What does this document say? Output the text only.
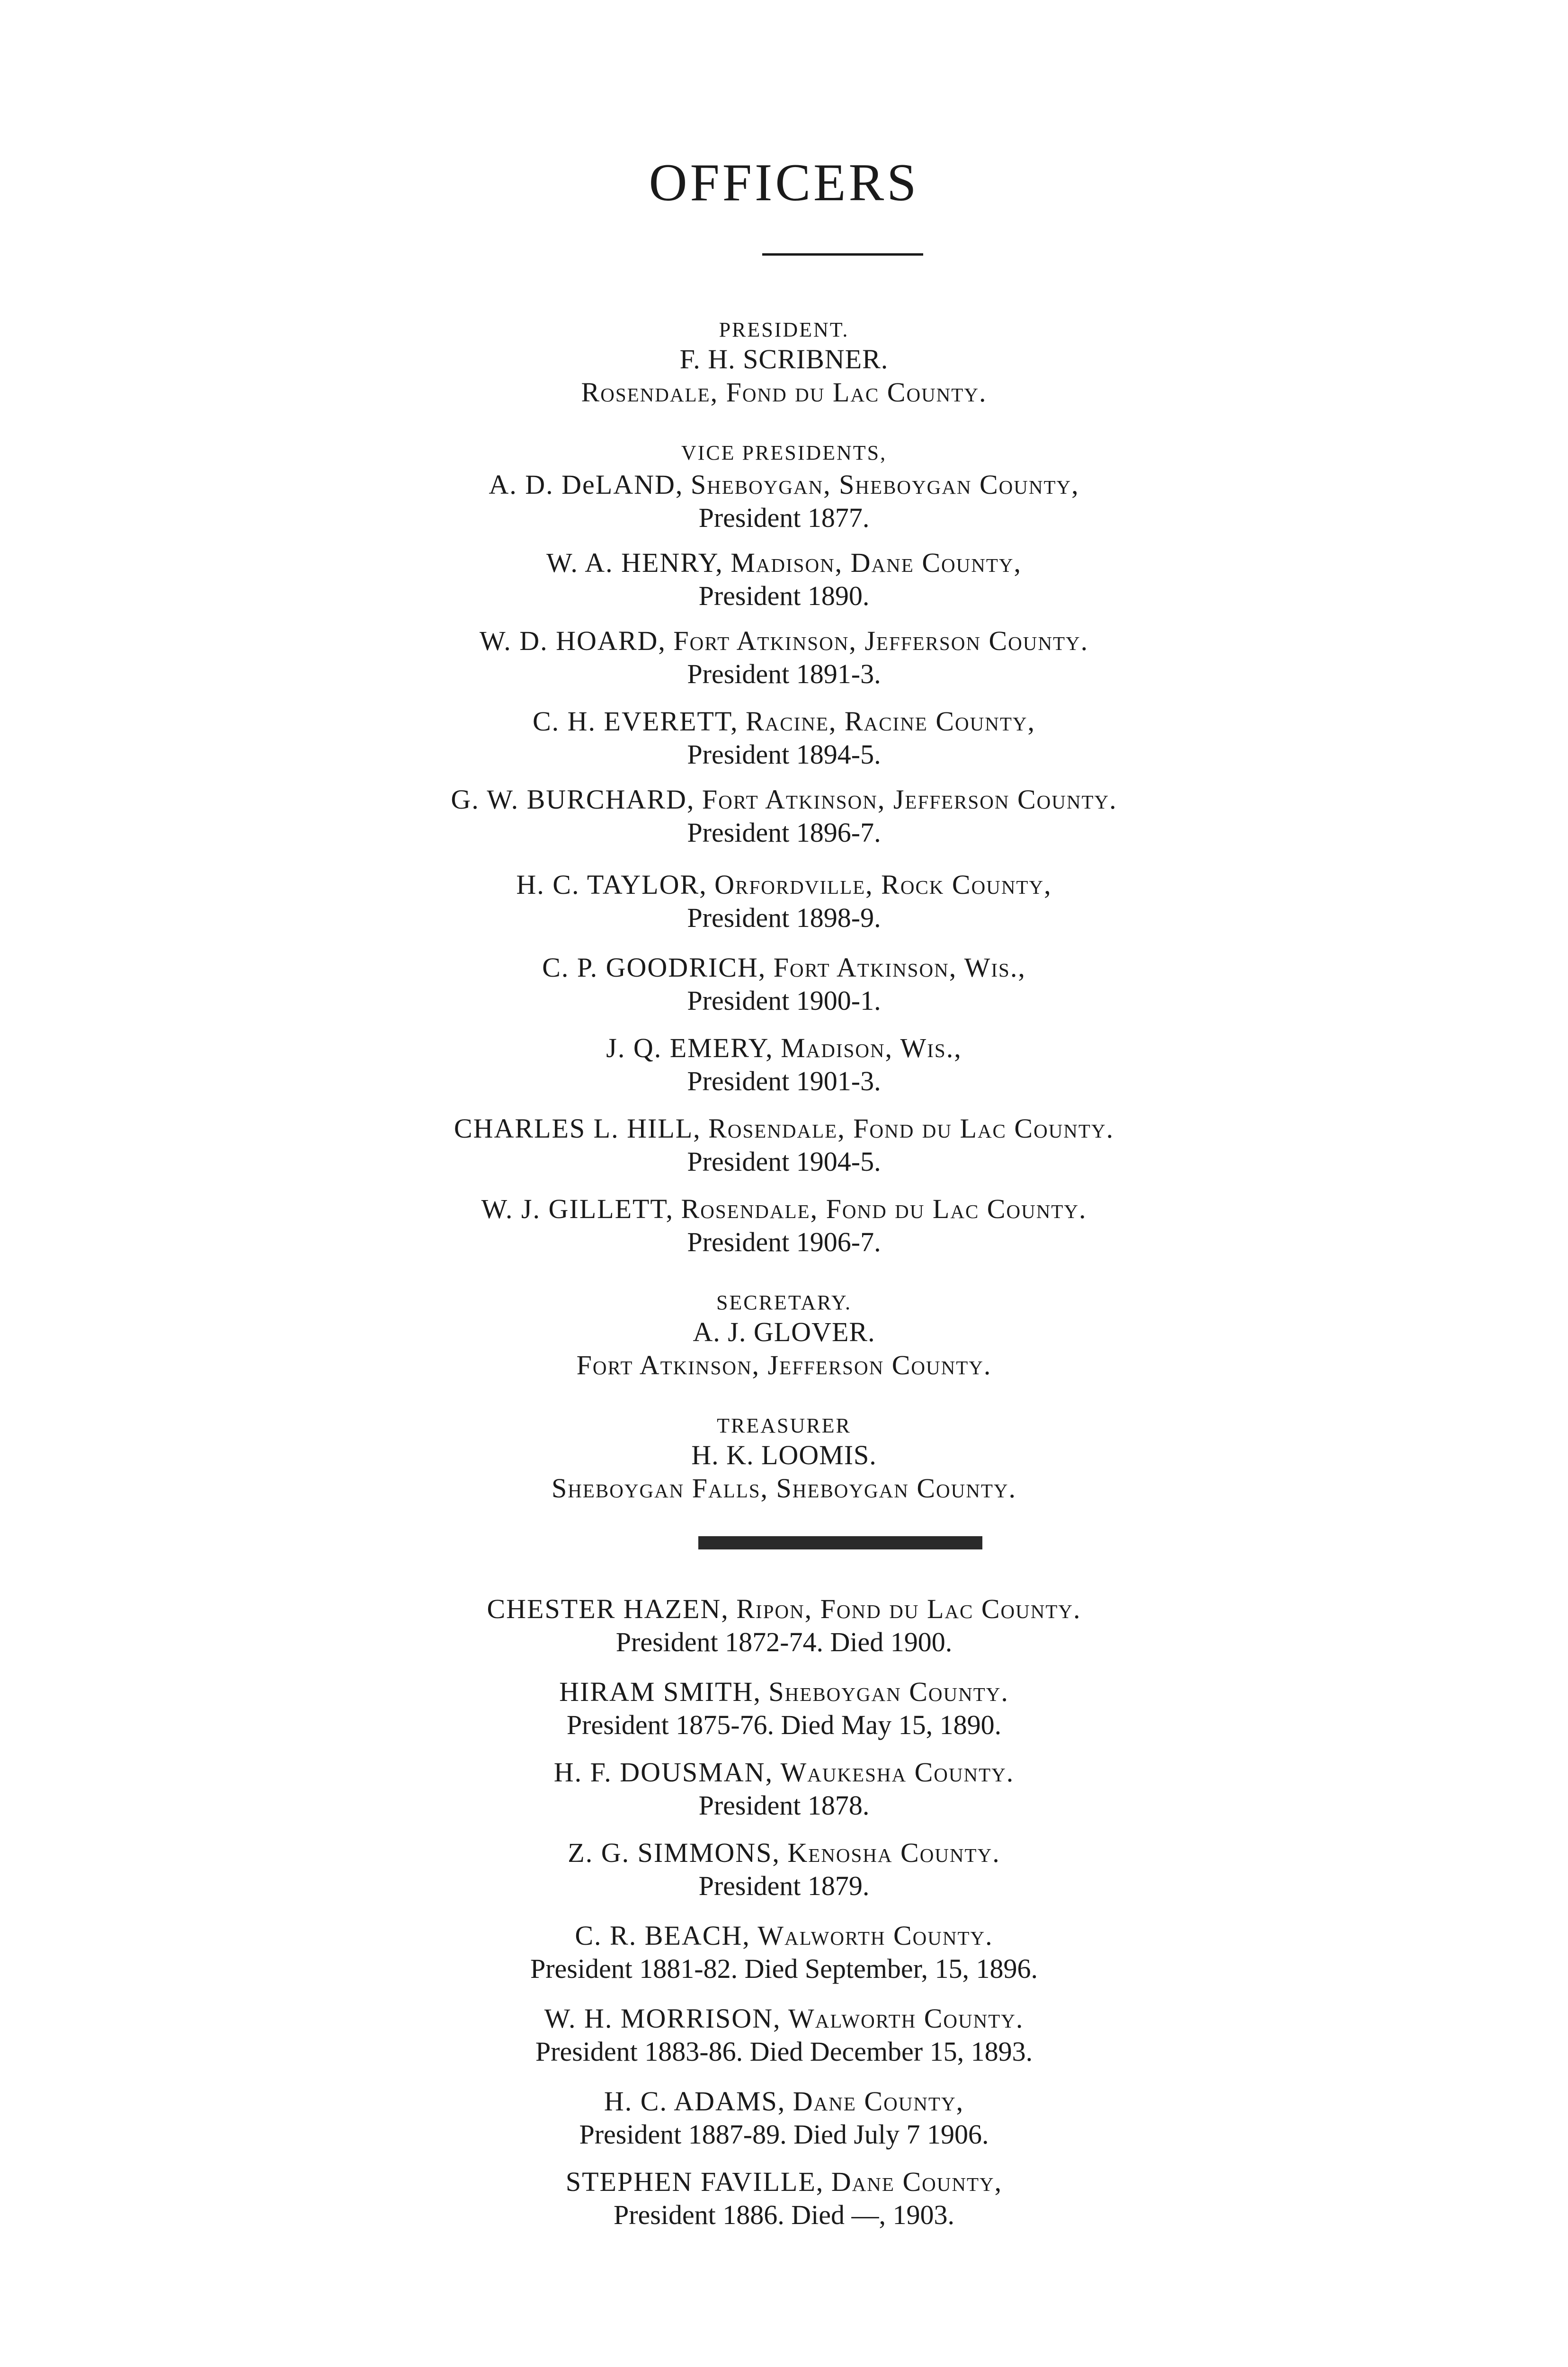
OFFICERS
PRESIDENT.
F. H. SCRIBNER.
Rosendale, Fond du Lac County.
VICE PRESIDENTS,
A. D. DeLAND, Sheboygan, Sheboygan County,
President 1877.
W. A. HENRY, Madison, Dane County,
President 1890.
W. D. HOARD, Fort Atkinson, Jefferson County.
President 1891-3.
C. H. EVERETT, Racine, Racine County,
President 1894-5.
G. W. BURCHARD, Fort Atkinson, Jefferson County.
President 1896-7.
H. C. TAYLOR, Orfordville, Rock County,
President 1898-9.
C. P. GOODRICH, Fort Atkinson, Wis.,
President 1900-1.
J. Q. EMERY, Madison, Wis.,
President 1901-3.
CHARLES L. HILL, Rosendale, Fond du Lac County.
President 1904-5.
W. J. GILLETT, Rosendale, Fond du Lac County.
President 1906-7.
SECRETARY.
A. J. GLOVER.
Fort Atkinson, Jefferson County.
TREASURER
H. K. LOOMIS.
Sheboygan Falls, Sheboygan County.
CHESTER HAZEN, Ripon, Fond du Lac County.
President 1872-74. Died 1900.
HIRAM SMITH, Sheboygan County.
President 1875-76. Died May 15, 1890.
H. F. DOUSMAN, Waukesha County.
President 1878.
Z. G. SIMMONS, Kenosha County.
President 1879.
C. R. BEACH, Walworth County.
President 1881-82. Died September, 15, 1896.
W. H. MORRISON, Walworth County.
President 1883-86. Died December 15, 1893.
H. C. ADAMS, Dane County,
President 1887-89. Died July 7 1906.
STEPHEN FAVILLE, Dane County,
President 1886. Died —, 1903.
